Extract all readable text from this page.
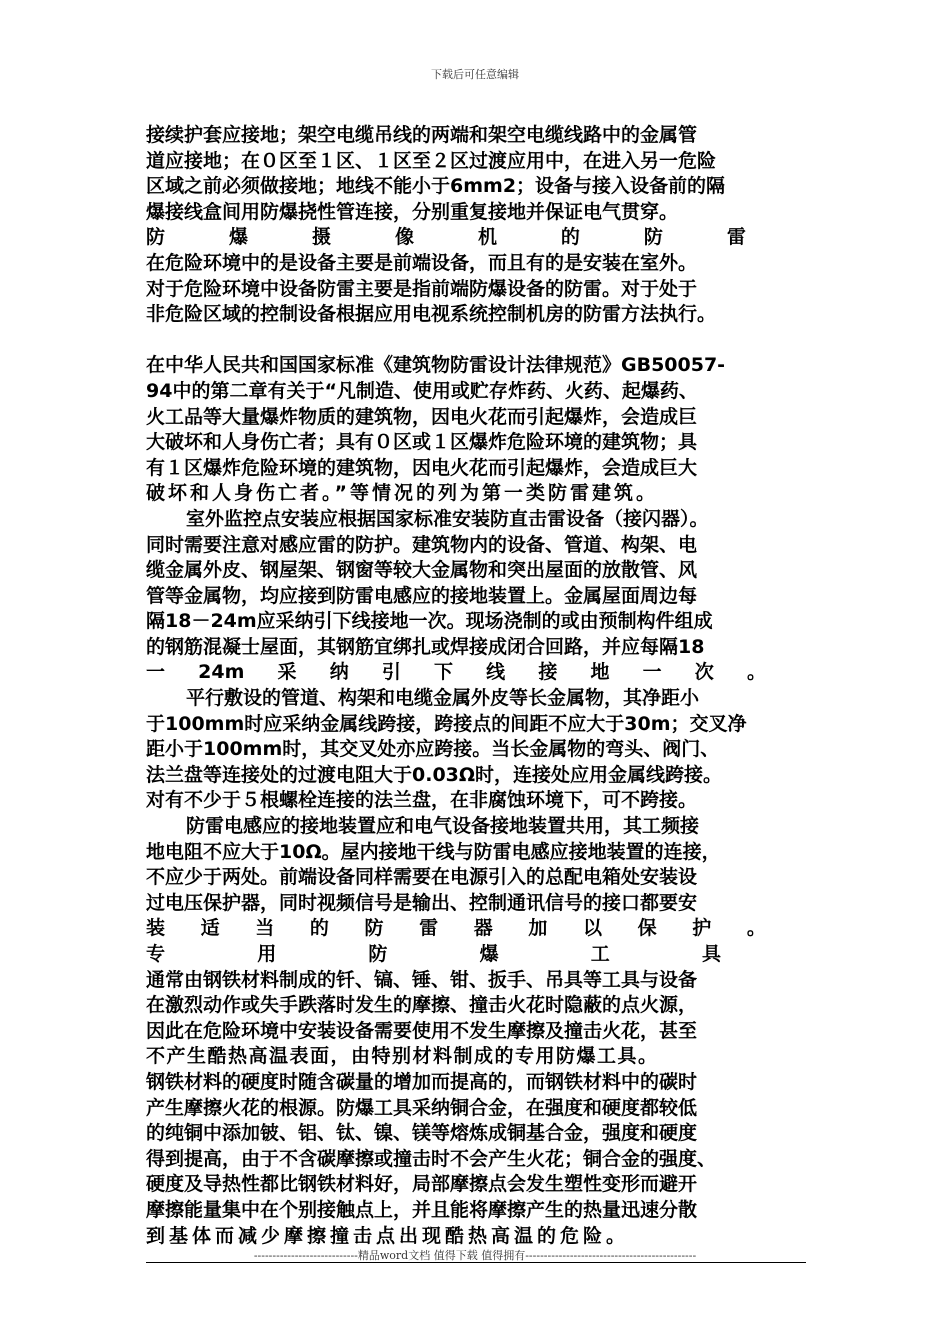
下载后可任意编辑
接续护套应接地；架空电缆吊线的两端和架空电缆线路中的金属管
道应接地；在０区至１区、１区至２区过渡应用中，在进入另一危险
区域之前必须做接地；地线不能小于6mm2；设备与接入设备前的隔
爆接线盒间用防爆挠性管连接，分别重复接地并保证电气贯穿。
防	爆	摄	像	机	的	防	雷
在危险环境中的是设备主要是前端设备，而且有的是安装在室外。
对于危险环境中设备防雷主要是指前端防爆设备的防雷。对于处于
非危险区域的控制设备根据应用电视系统控制机房的防雷方法执行。
在中华人民共和国国家标准《建筑物防雷设计法律规范》GB50057-
94中的第二章有关于“凡制造、使用或贮存炸药、火药、起爆药、
火工品等大量爆炸物质的建筑物，因电火花而引起爆炸，会造成巨
大破坏和人身伤亡者；具有０区或１区爆炸危险环境的建筑物；具
有１区爆炸危险环境的建筑物，因电火花而引起爆炸，会造成巨大
破坏和人身伤亡者。”等情况的列为第一类防雷建筑。
室外监控点安装应根据国家标准安装防直击雷设备（接闪器）。
同时需要注意对感应雷的防护。建筑物内的设备、管道、构架、电
缆金属外皮、钢屋架、钢窗等较大金属物和突出屋面的放散管、风
管等金属物，均应接到防雷电感应的接地装置上。金属屋面周边每
隔18－24m应采纳引下线接地一次。现场浇制的或由预制构件组成
的钢筋混凝士屋面，其钢筋宜绑扎或焊接成闭合回路，并应每隔18
一 24m 采 纳 引 下 线 接 地 一 次 。
平行敷设的管道、构架和电缆金属外皮等长金属物，其净距小
于100mm时应采纳金属线跨接，跨接点的间距不应大于30m；交叉净
距小于100mm时，其交叉处亦应跨接。当长金属物的弯头、阀门、
法兰盘等连接处的过渡电阻大于0.03Ω时，连接处应用金属线跨接。
对有不少于５根螺栓连接的法兰盘，在非腐蚀环境下，可不跨接。
防雷电感应的接地装置应和电气设备接地装置共用，其工频接
地电阻不应大于10Ω。屋内接地干线与防雷电感应接地装置的连接，
不应少于两处。前端设备同样需要在电源引入的总配电箱处安装设
过电压保护器，同时视频信号是输出、控制通讯信号的接口都要安
装 适 当 的 防 雷 器 加 以 保 护 。
专	用	防	爆	工	具
通常由钢铁材料制成的钎、镐、锤、钳、扳手、吊具等工具与设备
在激烈动作或失手跌落时发生的摩擦、撞击火花时隐蔽的点火源，
因此在危险环境中安装设备需要使用不发生摩擦及撞击火花，甚至
不产生酷热高温表面，由特别材料制成的专用防爆工具。
钢铁材料的硬度时随含碳量的增加而提高的，而钢铁材料中的碳时
产生摩擦火花的根源。防爆工具采纳铜合金，在强度和硬度都较低
的纯铜中添加铍、铝、钛、镍、镁等熔炼成铜基合金，强度和硬度
得到提高，由于不含碳摩擦或撞击时不会产生火花；铜合金的强度、
硬度及导热性都比钢铁材料好，局部摩擦点会发生塑性变形而避开
摩擦能量集中在个别接触点上，并且能将摩擦产生的热量迅速分散
到基体而减少摩擦撞击点出现酷热高温的危险。
----------------------------精品word文档 值得下载 值得拥有----------------------------------------------
